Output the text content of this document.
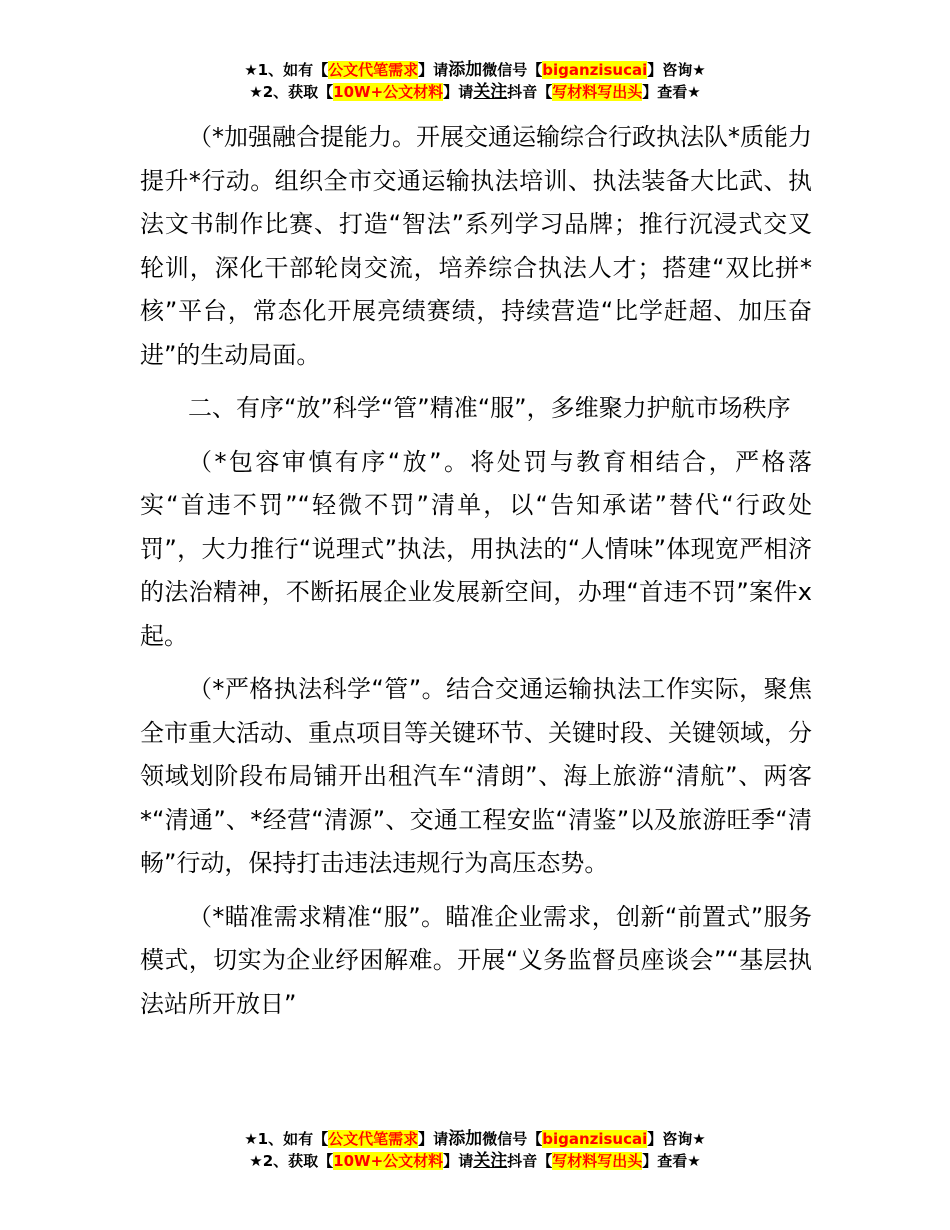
★1、如有【公文代笔需求】请添加微信号【biganzisucai】咨询★
★2、获取【10W+公文材料】请关注抖音【写材料写出头】查看★

（*加强融合提能力。开展交通运输综合行政执法队*质能力提升*行动。组织全市交通运输执法培训、执法装备大比武、执法文书制作比赛、打造“智法”系列学习品牌；推行沉浸式交叉轮训，深化干部轮岗交流，培养综合执法人才；搭建“双比拼*核”平台，常态化开展亮绩赛绩，持续营造“比学赶超、加压奋进”的生动局面。

二、有序“放”科学“管”精准“服”，多维聚力护航市场秩序

（*包容审慎有序“放”。将处罚与教育相结合，严格落实“首违不罚”“轻微不罚”清单，以“告知承诺”替代“行政处罚”，大力推行“说理式”执法，用执法的“人情味”体现宽严相济的法治精神，不断拓展企业发展新空间，办理“首违不罚”案件x起。

（*严格执法科学“管”。结合交通运输执法工作实际，聚焦全市重大活动、重点项目等关键环节、关键时段、关键领域，分领域划阶段布局铺开出租汽车“清朗”、海上旅游“清航”、两客*“清通”、*经营“清源”、交通工程安监“清鉴”以及旅游旺季“清畅”行动，保持打击违法违规行为高压态势。

（*瞄准需求精准“服”。瞄准企业需求，创新“前置式”服务模式，切实为企业纾困解难。开展“义务监督员座谈会”“基层执法站所开放日”

★1、如有【公文代笔需求】请添加微信号【biganzisucai】咨询★
★2、获取【10W+公文材料】请关注抖音【写材料写出头】查看★
